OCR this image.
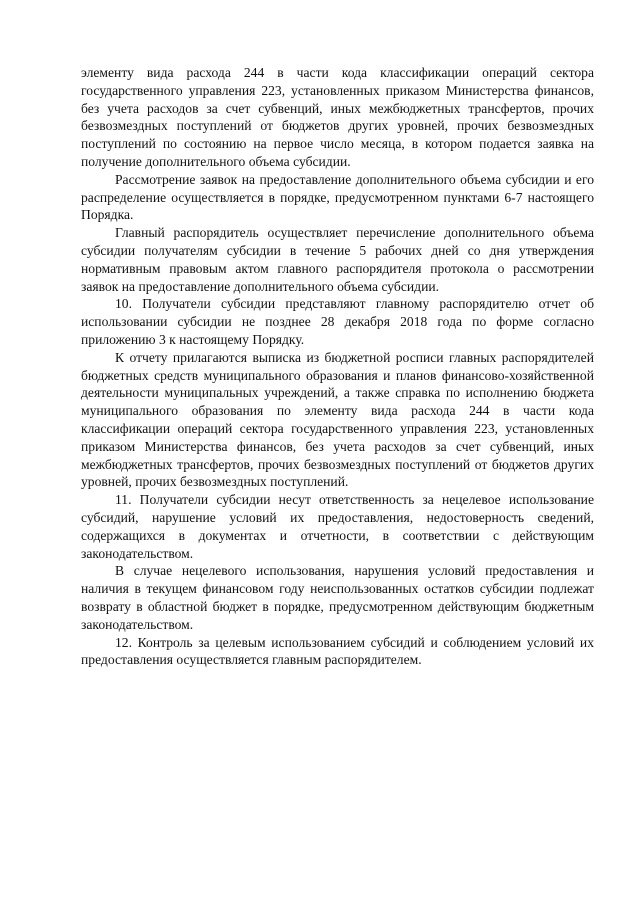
элементу вида расхода 244 в части кода классификации операций сектора государственного управления 223, установленных приказом Министерства финансов, без учета расходов за счет субвенций, иных межбюджетных трансфертов, прочих безвозмездных поступлений от бюджетов других уровней, прочих безвозмездных поступлений по состоянию на первое число месяца, в котором подается заявка на получение дополнительного объема субсидии.

Рассмотрение заявок на предоставление дополнительного объема субсидии и его распределение осуществляется в порядке, предусмотренном пунктами 6-7 настоящего Порядка.

Главный распорядитель осуществляет перечисление дополнительного объема субсидии получателям субсидии в течение 5 рабочих дней со дня утверждения нормативным правовым актом главного распорядителя протокола о рассмотрении заявок на предоставление дополнительного объема субсидии.

10. Получатели субсидии представляют главному распорядителю отчет об использовании субсидии не позднее 28 декабря 2018 года по форме согласно приложению 3 к настоящему Порядку.

К отчету прилагаются выписка из бюджетной росписи главных распорядителей бюджетных средств муниципального образования и планов финансово-хозяйственной деятельности муниципальных учреждений, а также справка по исполнению бюджета муниципального образования по элементу вида расхода 244 в части кода классификации операций сектора государственного управления 223, установленных приказом Министерства финансов, без учета расходов за счет субвенций, иных межбюджетных трансфертов, прочих безвозмездных поступлений от бюджетов других уровней, прочих безвозмездных поступлений.

11. Получатели субсидии несут ответственность за нецелевое использование субсидий, нарушение условий их предоставления, недостоверность сведений, содержащихся в документах и отчетности, в соответствии с действующим законодательством.

В случае нецелевого использования, нарушения условий предоставления и наличия в текущем финансовом году неиспользованных остатков субсидии подлежат возврату в областной бюджет в порядке, предусмотренном действующим бюджетным законодательством.

12. Контроль за целевым использованием субсидий и соблюдением условий их предоставления осуществляется главным распорядителем.
